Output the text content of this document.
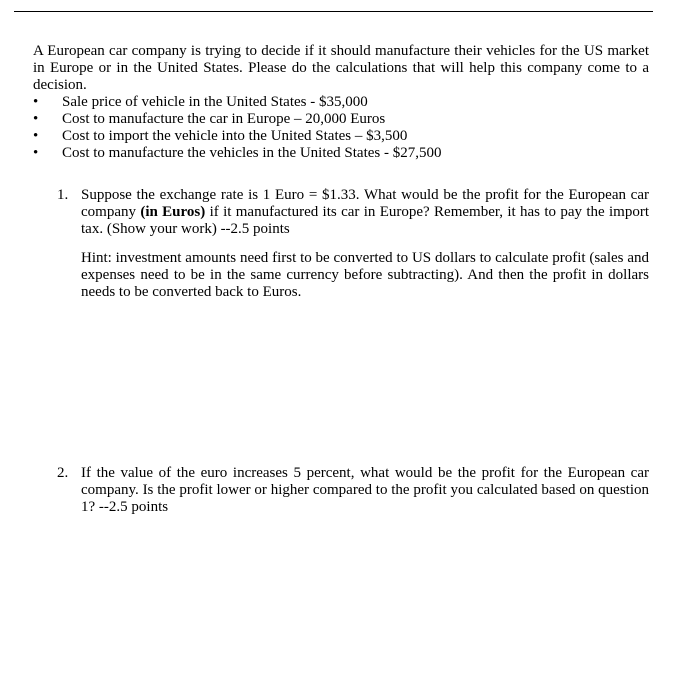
A European car company is trying to decide if it should manufacture their vehicles for the US market in Europe or in the United States. Please do the calculations that will help this company come to a decision.

• Sale price of vehicle in the United States - $35,000
• Cost to manufacture the car in Europe – 20,000 Euros
• Cost to import the vehicle into the United States – $3,500
• Cost to manufacture the vehicles in the United States - $27,500
1. Suppose the exchange rate is 1 Euro = $1.33. What would be the profit for the European car company (in Euros) if it manufactured its car in Europe? Remember, it has to pay the import tax. (Show your work) --2.5 points
Hint: investment amounts need first to be converted to US dollars to calculate profit (sales and expenses need to be in the same currency before subtracting). And then the profit in dollars needs to be converted back to Euros.
2. If the value of the euro increases 5 percent, what would be the profit for the European car company. Is the profit lower or higher compared to the profit you calculated based on question 1? --2.5 points
